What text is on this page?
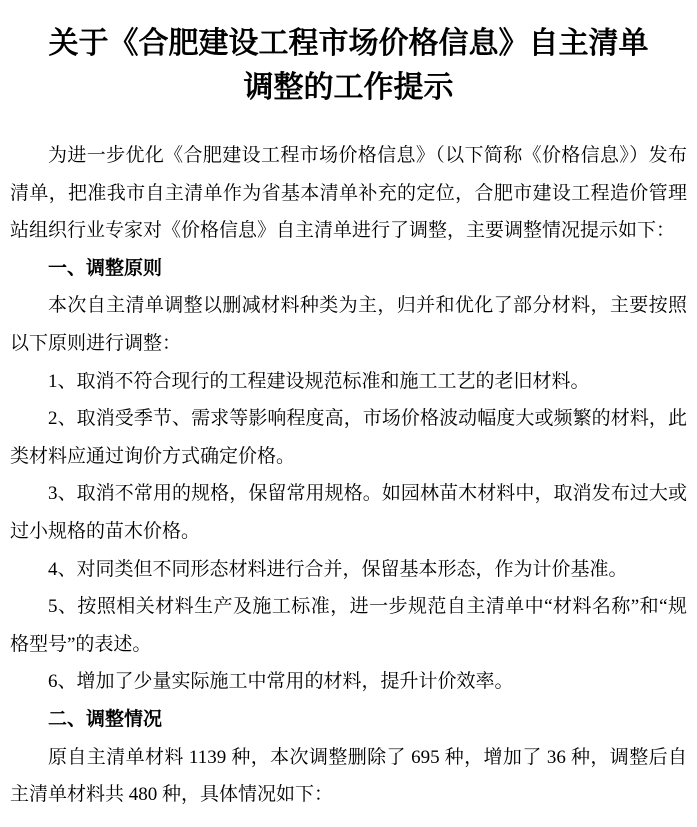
关于《合肥建设工程市场价格信息》自主清单
调整的工作提示

为进一步优化《合肥建设工程市场价格信息》（以下简称《价格信息》）发布清单，把准我市自主清单作为省基本清单补充的定位，合肥市建设工程造价管理站组织行业专家对《价格信息》自主清单进行了调整，主要调整情况提示如下：

一、调整原则

本次自主清单调整以删减材料种类为主，归并和优化了部分材料，主要按照以下原则进行调整：

1、取消不符合现行的工程建设规范标准和施工工艺的老旧材料。

2、取消受季节、需求等影响程度高，市场价格波动幅度大或频繁的材料，此类材料应通过询价方式确定价格。

3、取消不常用的规格，保留常用规格。如园林苗木材料中，取消发布过大或过小规格的苗木价格。

4、对同类但不同形态材料进行合并，保留基本形态，作为计价基准。

5、按照相关材料生产及施工标准，进一步规范自主清单中“材料名称”和“规格型号”的表述。

6、增加了少量实际施工中常用的材料，提升计价效率。

二、调整情况

原自主清单材料 1139 种，本次调整删除了 695 种，增加了 36 种，调整后自主清单材料共 480 种，具体情况如下：
